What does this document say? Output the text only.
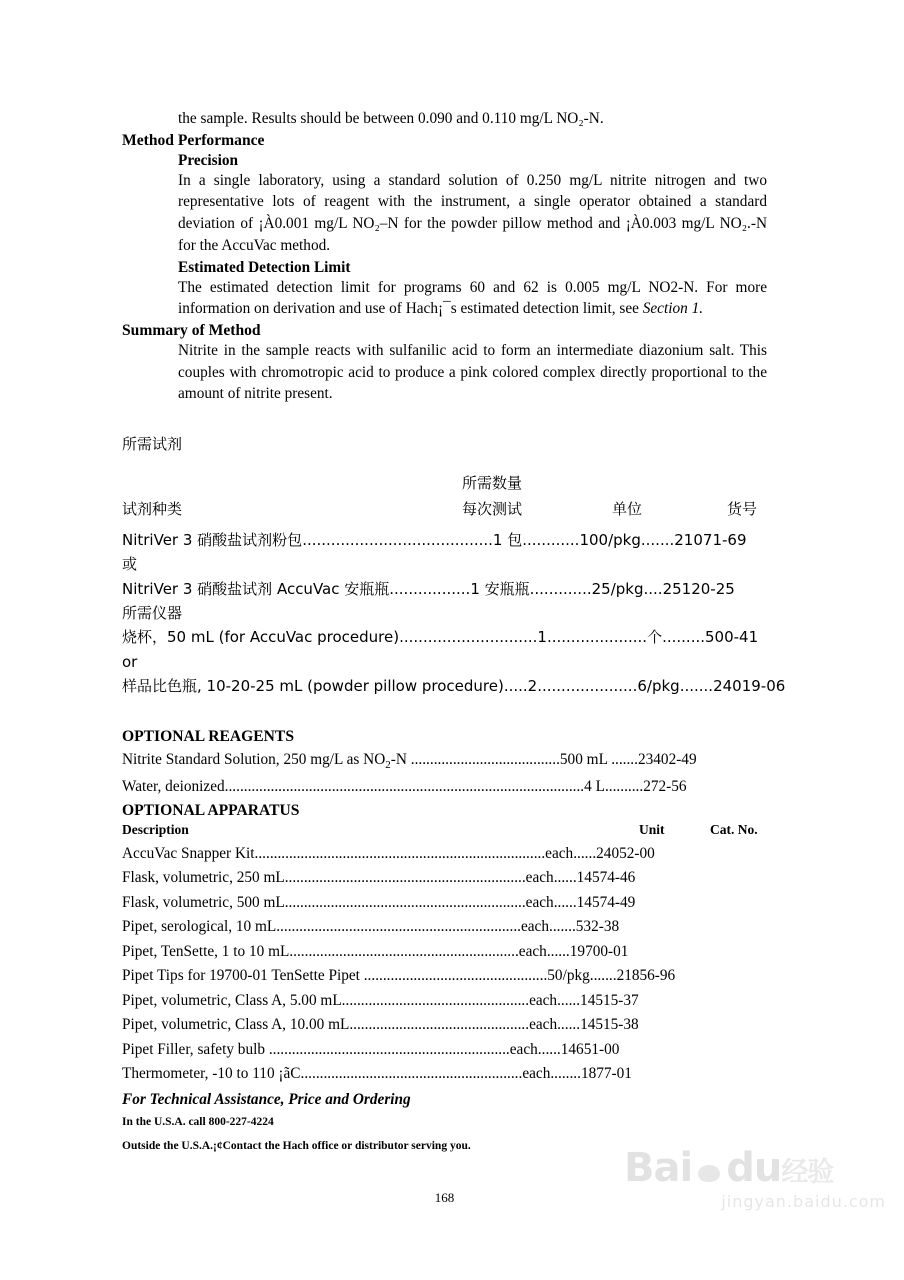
the sample. Results should be between 0.090 and 0.110 mg/L NO₂-N.
Method Performance
Precision
In a single laboratory, using a standard solution of 0.250 mg/L nitrite nitrogen and two representative lots of reagent with the instrument, a single operator obtained a standard deviation of ¡À0.001 mg/L NO₂–N for the powder pillow method and ¡À0.003 mg/L NO₂.-N for the AccuVac method.
Estimated Detection Limit
The estimated detection limit for programs 60 and 62 is 0.005 mg/L NO2-N. For more information on derivation and use of Hach¡¯s estimated detection limit, see Section 1.
Summary of Method
Nitrite in the sample reacts with sulfanilic acid to form an intermediate diazonium salt. This couples with chromotropic acid to produce a pink colored complex directly proportional to the amount of nitrite present.
所需试剂
所需数量
试剂种类	每次测试	单位	货号
NitriVer 3 硝酸盐试剂粉包........................................1 包............100/pkg.......21071-69
或
NitriVer 3 硝酸盐试剂 AccuVac 安瓶瓶.................1 安瓶瓶.............25/pkg....25120-25
所需仪器
烧杯，50 mL (for AccuVac procedure).............................1.....................个.........500-41
or
样品比色瓶, 10-20-25 mL (powder pillow procedure).....2.....................6/pkg.......24019-06
OPTIONAL REAGENTS
Nitrite Standard Solution, 250 mg/L as $NO_2-N$ .......................................500 mL .......23402-49
Water, deionized..............................................................................................4 L..........272-56
OPTIONAL APPARATUS
Description	Unit	Cat. No.
AccuVac Snapper Kit............................................................................each......24052-00
Flask, volumetric, 250 mL...............................................................each......14574-46
Flask, volumetric, 500 mL...............................................................each......14574-49
Pipet, serological, 10 mL................................................................each.......532-38
Pipet, TenSette, 1 to 10 mL............................................................each......19700-01
Pipet Tips for 19700-01 TenSette Pipet ................................................50/pkg.......21856-96
Pipet, volumetric, Class A, 5.00 mL.................................................each......14515-37
Pipet, volumetric, Class A, 10.00 mL...............................................each......14515-38
Pipet Filler, safety bulb ...............................................................each......14651-00
Thermometer, -10 to 110 ¡ãC..........................................................each........1877-01
For Technical Assistance, Price and Ordering
In the U.S.A. call 800-227-4224
Outside the U.S.A.¡¢Contact the Hach office or distributor serving you.
168
Bai du经验
jingyan.baidu.com
